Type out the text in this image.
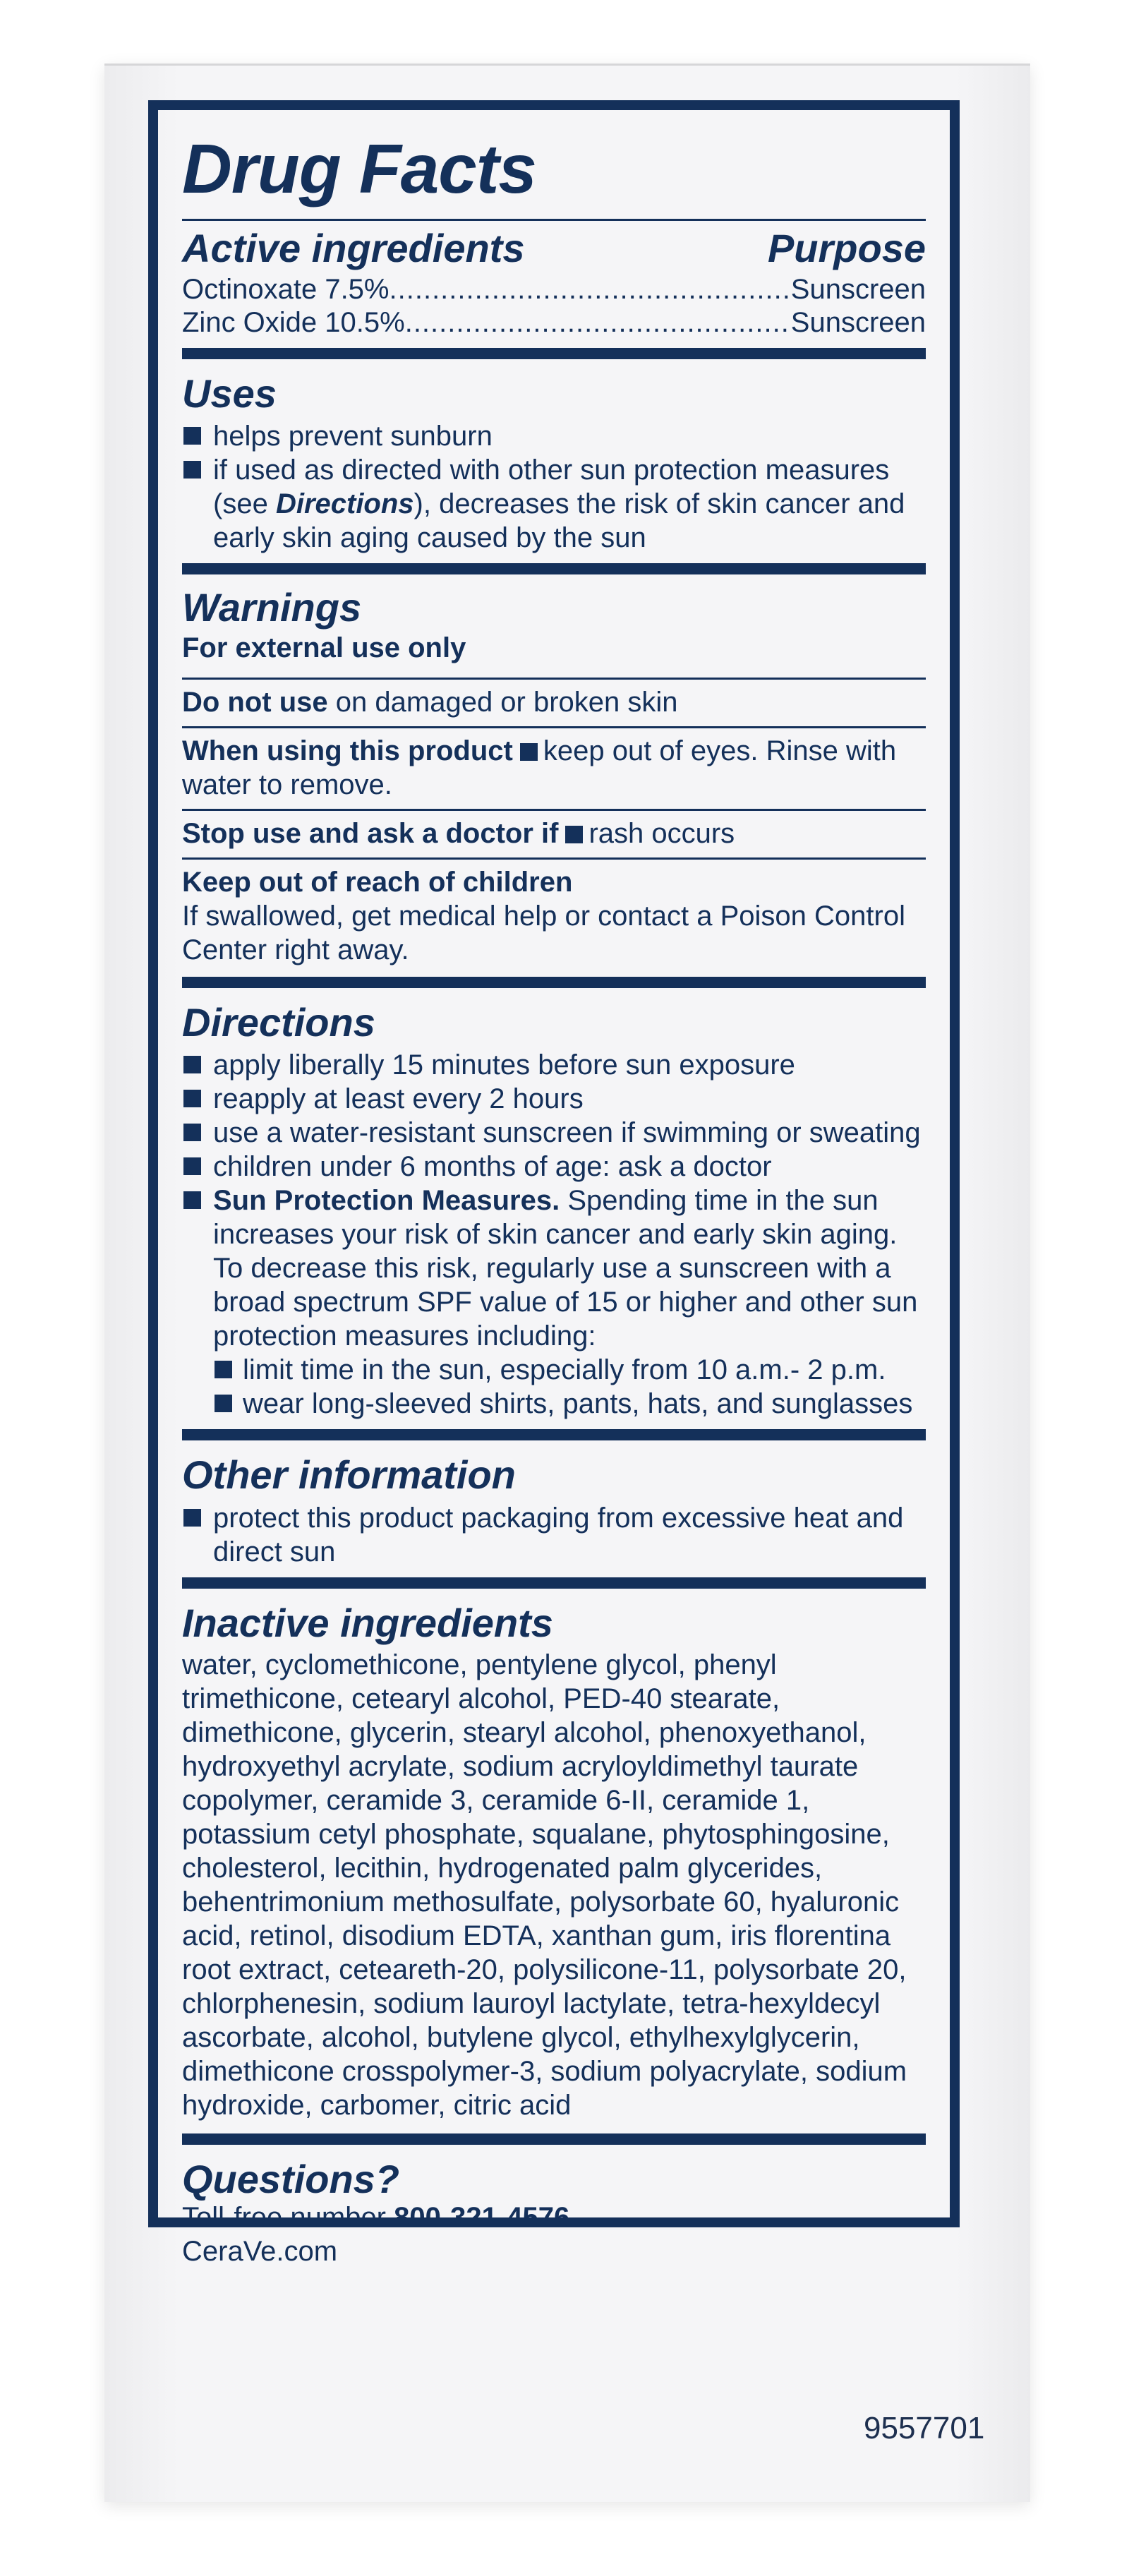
Drug Facts
Active ingredients	Purpose
Octinoxate 7.5% .....	Sunscreen
Zinc Oxide 10.5% .....	Sunscreen
Uses
helps prevent sunburn
if used as directed with other sun protection measures (see Directions), decreases the risk of skin cancer and early skin aging caused by the sun
Warnings
For external use only
Do not use on damaged or broken skin
When using this product keep out of eyes. Rinse with water to remove.
Stop use and ask a doctor if rash occurs
Keep out of reach of children
If swallowed, get medical help or contact a Poison Control Center right away.
Directions
apply liberally 15 minutes before sun exposure
reapply at least every 2 hours
use a water-resistant sunscreen if swimming or sweating
children under 6 months of age: ask a doctor
Sun Protection Measures. Spending time in the sun increases your risk of skin cancer and early skin aging. To decrease this risk, regularly use a sunscreen with a broad spectrum SPF value of 15 or higher and other sun protection measures including:
limit time in the sun, especially from 10 a.m.- 2 p.m.
wear long-sleeved shirts, pants, hats, and sunglasses
Other information
protect this product packaging from excessive heat and direct sun
Inactive ingredients
water, cyclomethicone, pentylene glycol, phenyl trimethicone, cetearyl alcohol, PED-40 stearate, dimethicone, glycerin, stearyl alcohol, phenoxyethanol, hydroxyethyl acrylate, sodium acryloyldimethyl taurate copolymer, ceramide 3, ceramide 6-II, ceramide 1, potassium cetyl phosphate, squalane, phytosphingosine, cholesterol, lecithin, hydrogenated palm glycerides, behentrimonium methosulfate, polysorbate 60, hyaluronic acid, retinol, disodium EDTA, xanthan gum, iris florentina root extract, ceteareth-20, polysilicone-11, polysorbate 20, chlorphenesin, sodium lauroyl lactylate, tetra-hexyldecyl ascorbate, alcohol, butylene glycol, ethylhexylglycerin, dimethicone crosspolymer-3, sodium polyacrylate, sodium hydroxide, carbomer, citric acid
Questions?
Toll-free number 800-321-4576
CeraVe.com
9557701
